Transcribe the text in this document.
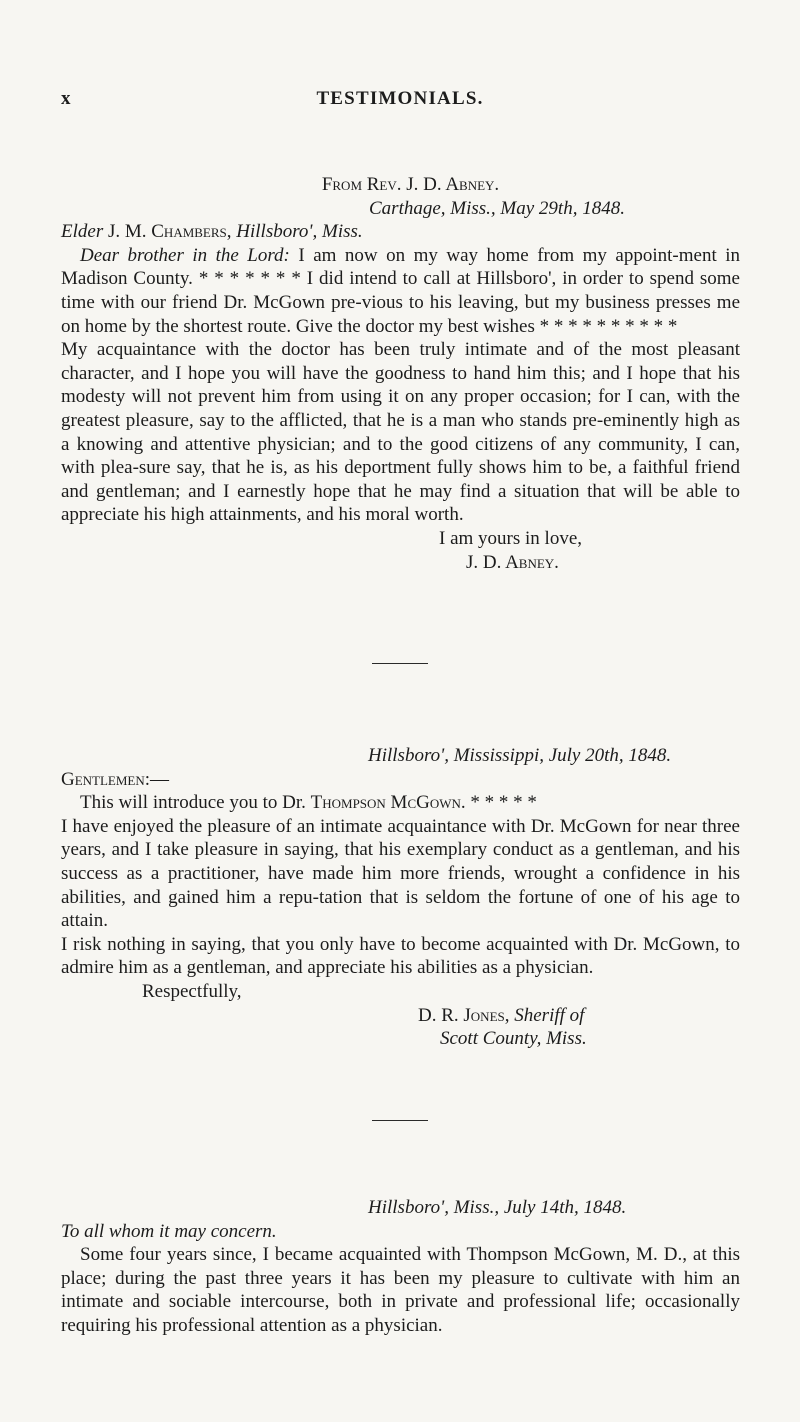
x	TESTIMONIALS.
From Rev. J. D. Abney.
Carthage, Miss., May 29th, 1848.
Elder J. M. Chambers, Hillsboro', Miss.

Dear brother in the Lord: I am now on my way home from my appoint-ment in Madison County. * * * * * * * I did intend to call at Hillsboro', in order to spend some time with our friend Dr. McGown pre-vious to his leaving, but my business presses me on home by the shortest route. Give the doctor my best wishes * * * * * * * * * *

My acquaintance with the doctor has been truly intimate and of the most pleasant character, and I hope you will have the goodness to hand him this; and I hope that his modesty will not prevent him from using it on any proper occasion; for I can, with the greatest pleasure, say to the afflicted, that he is a man who stands pre-eminently high as a knowing and attentive physician; and to the good citizens of any community, I can, with plea-sure say, that he is, as his deportment fully shows him to be, a faithful friend and gentleman; and I earnestly hope that he may find a situation that will be able to appreciate his high attainments, and his moral worth.

I am yours in love,
J. D. Abney.
Hillsboro', Mississippi, July 20th, 1848.
Gentlemen:—

This will introduce you to Dr. Thompson McGown. * * * * *

I have enjoyed the pleasure of an intimate acquaintance with Dr. McGown for near three years, and I take pleasure in saying, that his exemplary conduct as a gentleman, and his success as a practitioner, have made him more friends, wrought a confidence in his abilities, and gained him a repu-tation that is seldom the fortune of one of his age to attain.

I risk nothing in saying, that you only have to become acquainted with Dr. McGown, to admire him as a gentleman, and appreciate his abilities as a physician.

Respectfully,
D. R. Jones, Sheriff of
Scott County, Miss.
Hillsboro', Miss., July 14th, 1848.
To all whom it may concern.

Some four years since, I became acquainted with Thompson McGown, M. D., at this place; during the past three years it has been my pleasure to cultivate with him an intimate and sociable intercourse, both in private and professional life; occasionally requiring his professional attention as a physician.
